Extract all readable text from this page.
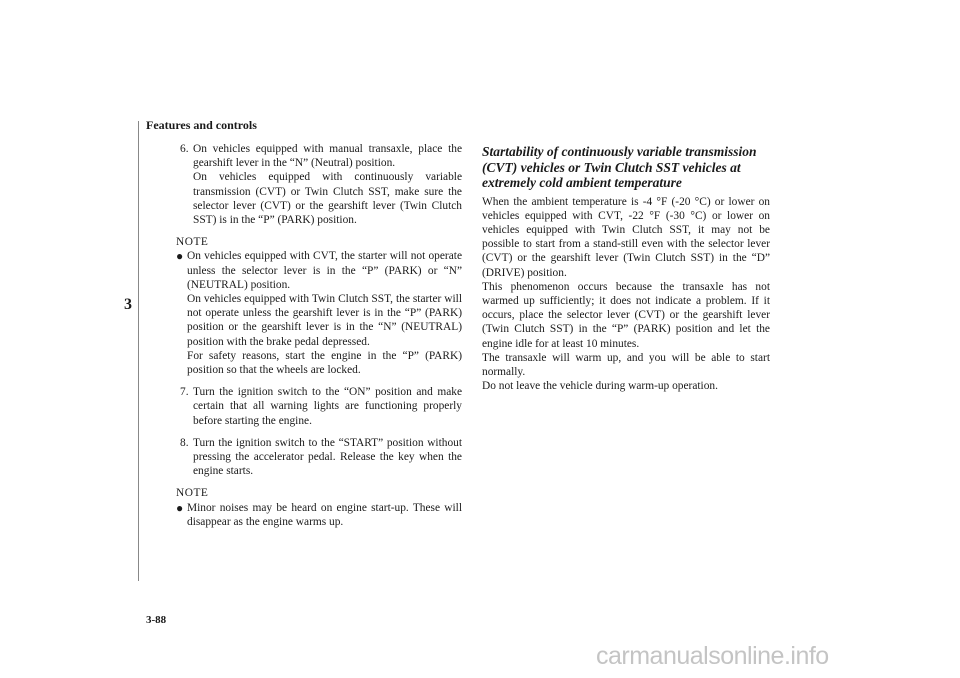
Features and controls
3
6. On vehicles equipped with manual transaxle, place the gearshift lever in the “N” (Neutral) position.

On vehicles equipped with continuously variable transmission (CVT) or Twin Clutch SST, make sure the selector lever (CVT) or the gearshift lever (Twin Clutch SST) is in the “P” (PARK) position.

NOTE
● On vehicles equipped with CVT, the starter will not operate unless the selector lever is in the “P” (PARK) or “N” (NEUTRAL) position.

On vehicles equipped with Twin Clutch SST, the starter will not operate unless the gearshift lever is in the “P” (PARK) position or the gearshift lever is in the “N” (NEUTRAL) position with the brake pedal depressed.

For safety reasons, start the engine in the “P” (PARK) position so that the wheels are locked.

7. Turn the ignition switch to the “ON” position and make certain that all warning lights are functioning properly before starting the engine.

8. Turn the ignition switch to the “START” position without pressing the accelerator pedal. Release the key when the engine starts.

NOTE
● Minor noises may be heard on engine start-up. These will disappear as the engine warms up.

Startability of continuously variable transmission (CVT) vehicles or Twin Clutch SST vehicles at extremely cold ambient temperature

When the ambient temperature is -4 °F (-20 °C) or lower on vehicles equipped with CVT, -22 °F (-30 °C) or lower on vehicles equipped with Twin Clutch SST, it may not be possible to start from a stand-still even with the selector lever (CVT) or the gearshift lever (Twin Clutch SST) in the “D” (DRIVE) position.

This phenomenon occurs because the transaxle has not warmed up sufficiently; it does not indicate a problem. If it occurs, place the selector lever (CVT) or the gearshift lever (Twin Clutch SST) in the “P” (PARK) position and let the engine idle for at least 10 minutes.

The transaxle will warm up, and you will be able to start normally.

Do not leave the vehicle during warm-up operation.

3-88
carmanualsonline.info
